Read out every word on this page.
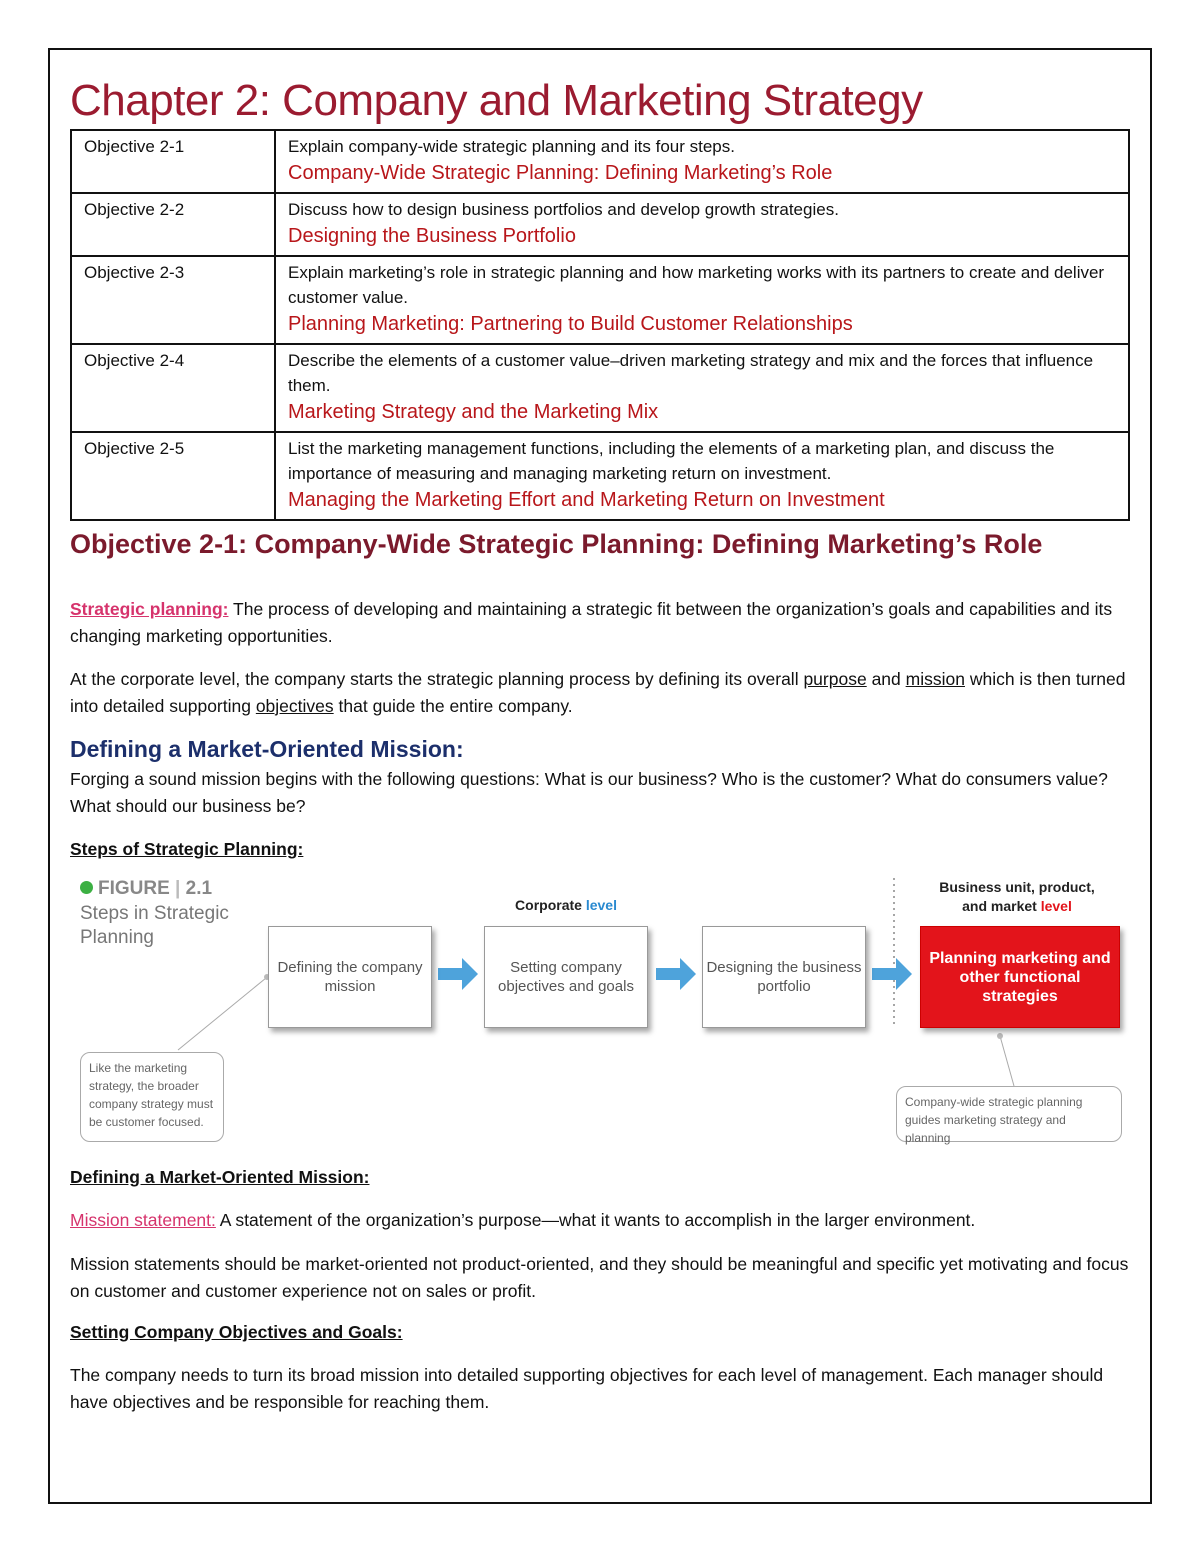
Chapter 2: Company and Marketing Strategy
Objective 2-1	Explain company-wide strategic planning and its four steps.
Company-Wide Strategic Planning: Defining Marketing’s Role

Objective 2-2	Discuss how to design business portfolios and develop growth strategies.
Designing the Business Portfolio

Objective 2-3	Explain marketing’s role in strategic planning and how marketing works with its partners to create and deliver customer value.
Planning Marketing: Partnering to Build Customer Relationships

Objective 2-4	Describe the elements of a customer value–driven marketing strategy and mix and the forces that influence them.
Marketing Strategy and the Marketing Mix

Objective 2-5	List the marketing management functions, including the elements of a marketing plan, and discuss the importance of measuring and managing marketing return on investment.
Managing the Marketing Effort and Marketing Return on Investment
Objective 2-1: Company-Wide Strategic Planning: Defining Marketing’s Role
Strategic planning: The process of developing and maintaining a strategic fit between the organization’s goals and capabilities and its changing marketing opportunities.
At the corporate level, the company starts the strategic planning process by defining its overall purpose and mission which is then turned into detailed supporting objectives that guide the entire company.
Defining a Market-Oriented Mission:
Forging a sound mission begins with the following questions: What is our business? Who is the customer? What do consumers value? What should our business be?
Steps of Strategic Planning:
FIGURE | 2.1
Steps in Strategic Planning
Corporate level
Business unit, product,
and market level
Defining the company mission
Setting company objectives and goals
Designing the business portfolio
Planning marketing and other functional strategies
Like the marketing strategy, the broader company strategy must be customer focused.
Company-wide strategic planning guides marketing strategy and planning
Defining a Market-Oriented Mission:
Mission statement: A statement of the organization’s purpose—what it wants to accomplish in the larger environment.
Mission statements should be market-oriented not product-oriented, and they should be meaningful and specific yet motivating and focus on customer and customer experience not on sales or profit.
Setting Company Objectives and Goals:
The company needs to turn its broad mission into detailed supporting objectives for each level of management. Each manager should have objectives and be responsible for reaching them.
